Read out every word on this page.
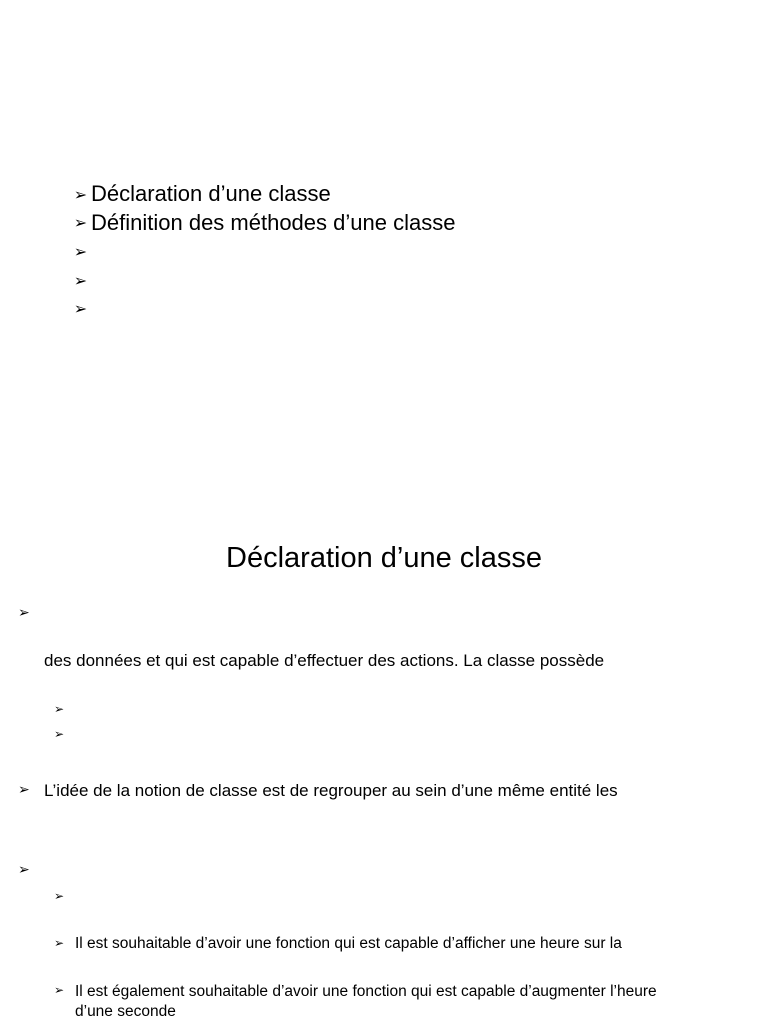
➢ Déclaration d’une classe
➢ Définition des méthodes d’une classe
➢
➢
➢
Déclaration d’une classe
➢
des données et qui est capable d’effectuer des actions. La classe possède
➢
➢
➢ L’idée de la notion de classe est de regrouper au sein d’une même entité les
➢
➢
➢ Il est souhaitable d’avoir une fonction qui est capable d’afficher une heure sur la
➢ Il est également souhaitable d’avoir une fonction qui est capable d’augmenter l’heure
d’une seconde
